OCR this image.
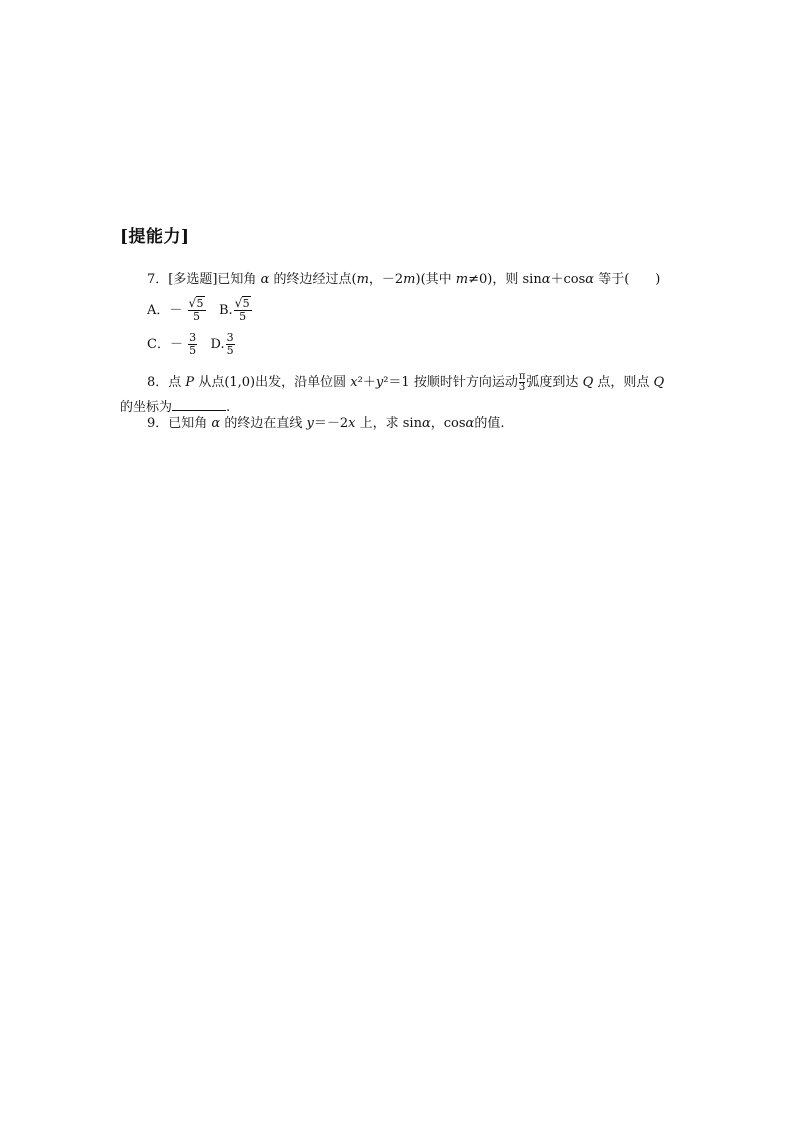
[提能力]
7．[多选题]已知角 α 的终边经过点(m，－2m)(其中 m≠0)，则 sinα＋cosα 等于(　　)
A．－ $\frac{√ 5}{5} B$. $\frac{√ 5}{5}$
C．－ $\frac{3}{5} D$. $\frac{3}{5}$
8．点 P 从点(1,0)出发，沿单位圆 x²＋y²＝1 按顺时针方向运动 $\frac{\pi}{3}$ 弧度到达 Q 点，则点 Q
的坐标为	.
9．已知角 α 的终边在直线 y＝－2x 上，求 sinα，cosα的值.
